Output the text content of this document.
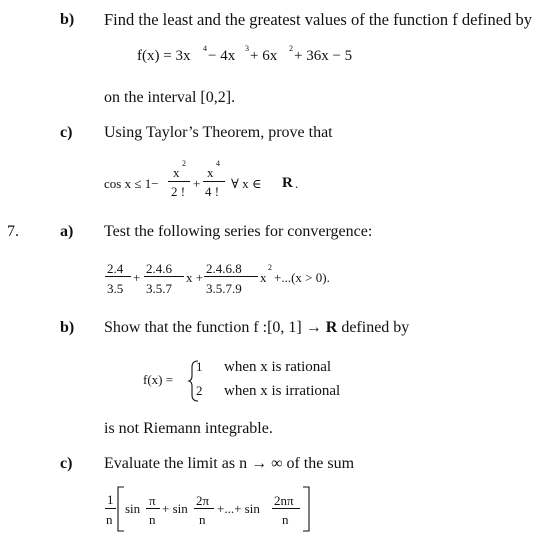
b) Find the least and the greatest values of the function f defined by
f(x) = 3x 4 − 4x 3 + 6x 2 + 36x − 5
on the interval [0,2].
c) Using Taylor’s Theorem, prove that
cos x ≤ 1−
x
2
2 !
+
x
4
4 !
∀ x ∈ R .
7.	a) Test the following series for convergence:
2.4
3.5
+
2.4.6
3.5.7
x +
2.4.6.8
3.5.7.9
x
2
+...(x > 0).
b) Show that the function f :[0, 1] → R defined by
f(x) =
1 when x is rational
2 when x is irrational
is not Riemann integrable.
c) Evaluate the limit as n → ∞ of the sum
1
n
sin
π
n
+ sin
2π
n
+...+ sin
2nπ
n
